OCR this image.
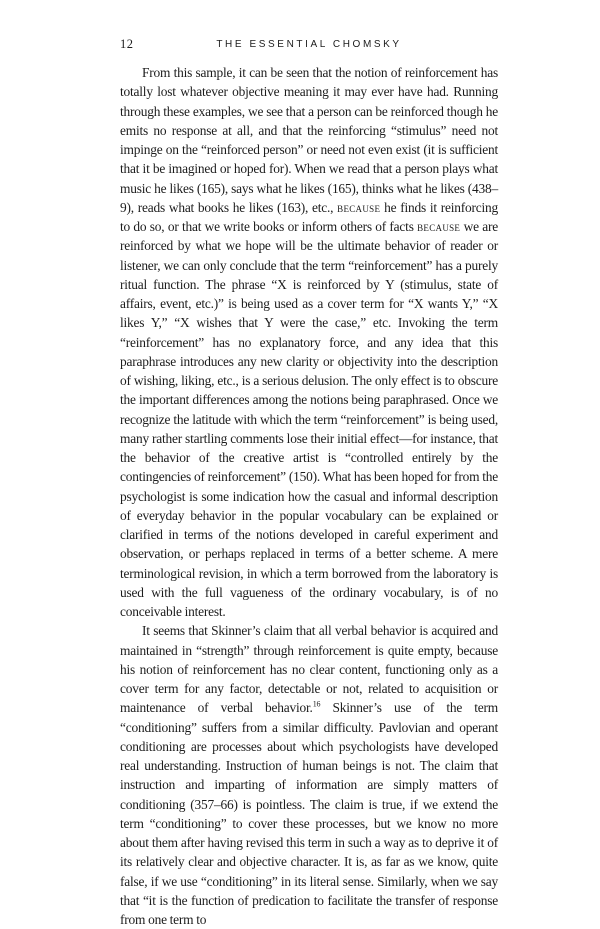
12	THE ESSENTIAL CHOMSKY

From this sample, it can be seen that the notion of reinforcement has totally lost whatever objective meaning it may ever have had. Running through these examples, we see that a person can be reinforced though he emits no response at all, and that the reinforcing “stimulus” need not impinge on the “reinforced person” or need not even exist (it is sufficient that it be imagined or hoped for). When we read that a person plays what music he likes (165), says what he likes (165), thinks what he likes (438–9), reads what books he likes (163), etc., because he finds it reinforcing to do so, or that we write books or inform others of facts because we are reinforced by what we hope will be the ultimate behavior of reader or listener, we can only conclude that the term “reinforcement” has a purely ritual function. The phrase “X is reinforced by Y (stimulus, state of affairs, event, etc.)” is being used as a cover term for “X wants Y,” “X likes Y,” “X wishes that Y were the case,” etc. Invoking the term “reinforcement” has no explanatory force, and any idea that this paraphrase introduces any new clarity or objectivity into the description of wishing, liking, etc., is a serious delusion. The only effect is to obscure the important differences among the notions being paraphrased. Once we recognize the latitude with which the term “reinforcement” is being used, many rather startling comments lose their initial effect—for instance, that the behavior of the creative artist is “controlled entirely by the contingencies of reinforcement” (150). What has been hoped for from the psychologist is some indication how the casual and informal description of everyday behavior in the popular vocabulary can be explained or clarified in terms of the notions developed in careful experiment and observation, or perhaps replaced in terms of a better scheme. A mere terminological revision, in which a term borrowed from the laboratory is used with the full vagueness of the ordinary vocabulary, is of no conceivable interest.

It seems that Skinner’s claim that all verbal behavior is acquired and maintained in “strength” through reinforcement is quite empty, because his notion of reinforcement has no clear content, functioning only as a cover term for any factor, detectable or not, related to acquisition or maintenance of verbal behavior.$^{16}$ Skinner’s use of the term “conditioning” suffers from a similar difficulty. Pavlovian and operant conditioning are processes about which psychologists have developed real understanding. Instruction of human beings is not. The claim that instruction and imparting of information are simply matters of conditioning (357–66) is pointless. The claim is true, if we extend the term “conditioning” to cover these processes, but we know no more about them after having revised this term in such a way as to deprive it of its relatively clear and objective character. It is, as far as we know, quite false, if we use “conditioning” in its literal sense. Similarly, when we say that “it is the function of predication to facilitate the transfer of response from one term to
